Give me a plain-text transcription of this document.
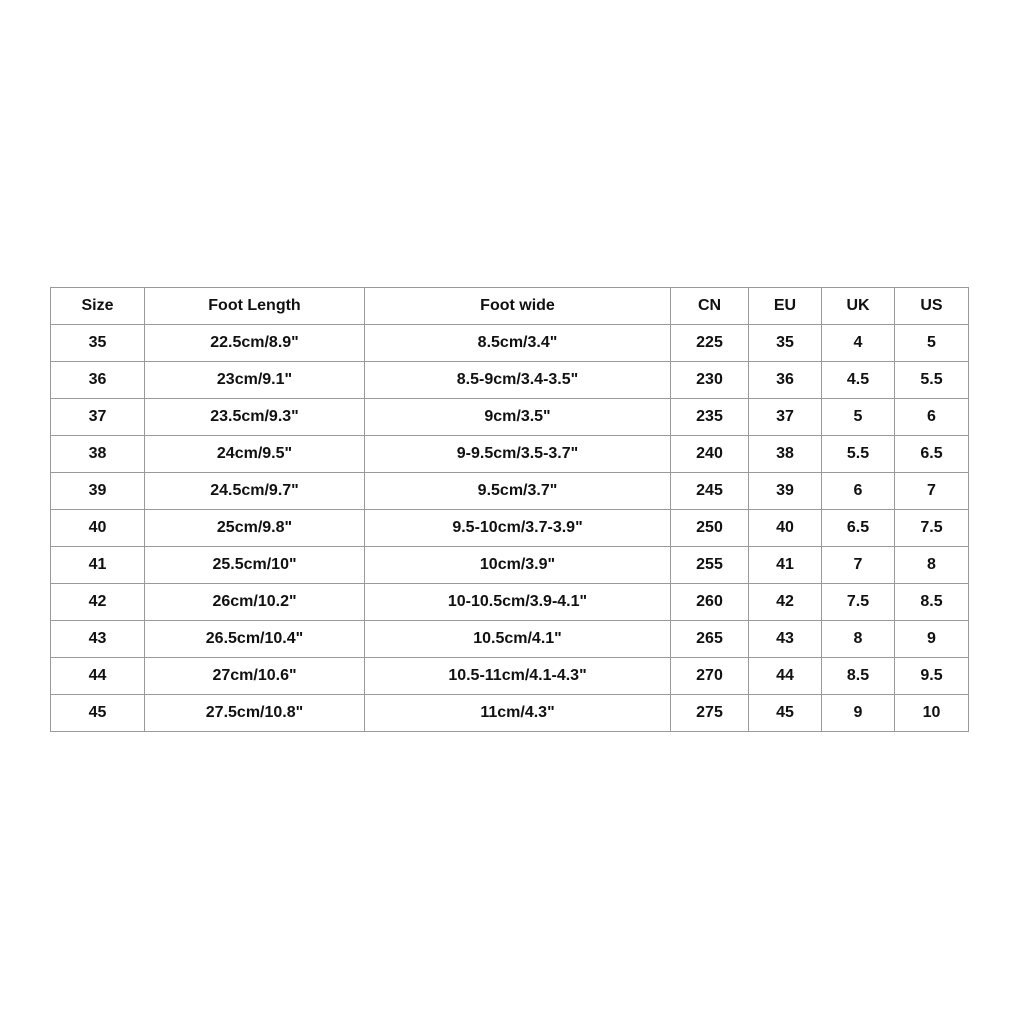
Size	Foot Length	Foot wide	CN	EU	UK	US
35	22.5cm/8.9"	8.5cm/3.4"	225	35	4	5
36	23cm/9.1"	8.5-9cm/3.4-3.5"	230	36	4.5	5.5
37	23.5cm/9.3"	9cm/3.5"	235	37	5	6
38	24cm/9.5"	9-9.5cm/3.5-3.7"	240	38	5.5	6.5
39	24.5cm/9.7"	9.5cm/3.7"	245	39	6	7
40	25cm/9.8"	9.5-10cm/3.7-3.9"	250	40	6.5	7.5
41	25.5cm/10"	10cm/3.9"	255	41	7	8
42	26cm/10.2"	10-10.5cm/3.9-4.1"	260	42	7.5	8.5
43	26.5cm/10.4"	10.5cm/4.1"	265	43	8	9
44	27cm/10.6"	10.5-11cm/4.1-4.3"	270	44	8.5	9.5
45	27.5cm/10.8"	11cm/4.3"	275	45	9	10
